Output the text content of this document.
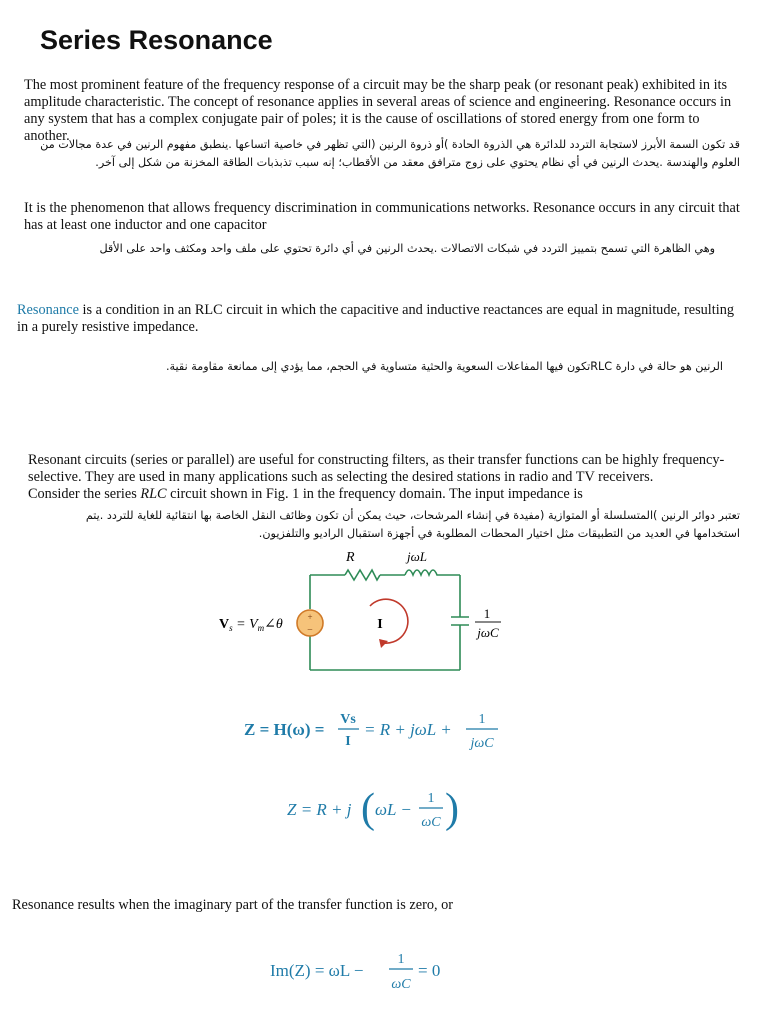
Series Resonance
The most prominent feature of the frequency response of a circuit may be the sharp peak (or resonant peak) exhibited in its amplitude characteristic. The concept of resonance applies in several areas of science and engineering. Resonance occurs in any system that has a complex conjugate pair of poles; it is the cause of oscillations of stored energy from one form to another.
قد تكون السمة الأبرز لاستجابة التردد للدائرة هي الذروة الحادة )أو ذروة الرنين (التي تظهر في خاصية اتساعها .ينطبق مفهوم الرنين في عدة مجالات من العلوم والهندسة .يحدث الرنين في أي نظام يحتوي على زوج مترافق معقد من الأقطاب؛ إنه سبب تذبذبات الطاقة المخزنة من شكل إلى آخر.
It is the phenomenon that allows frequency discrimination in communications networks. Resonance occurs in any circuit that has at least one inductor and one capacitor
وهي الظاهرة التي تسمح بتمييز التردد في شبكات الاتصالات .يحدث الرنين في أي دائرة تحتوي على ملف واحد ومكثف واحد على الأقل
Resonance is a condition in an RLC circuit in which the capacitive and inductive reactances are equal in magnitude, resulting in a purely resistive impedance.
الرنين هو حالة في دارة RLCتكون فيها المفاعلات السعوية والحثية متساوية في الحجم، مما يؤدي إلى ممانعة مقاومة نقية.
Resonant circuits (series or parallel) are useful for constructing filters, as their transfer functions can be highly frequency-selective. They are used in many applications such as selecting the desired stations in radio and TV receivers.
Consider the series RLC circuit shown in Fig. 1 in the frequency domain. The input impedance is
تعتبر دوائر الرنين )المتسلسلة أو المتوازية (مفيدة في إنشاء المرشحات، حيث يمكن أن تكون وظائف النقل الخاصة بها انتقائية للغاية للتردد .يتم استخدامها في العديد من التطبيقات مثل اختيار المحطات المطلوبة في أجهزة استقبال الراديو والتلفزيون.
+
−
R	jωL
I
1
jωC
$V_s$ = $V_m\angle\theta$
Z = H(ω) =
Vs
I
= R + jωL +
1
jωC
Z = R + j ( ωL −
1
ωC )
Resonance results when the imaginary part of the transfer function is zero, or
Im(Z) = ωL −
1
ωC
= 0
